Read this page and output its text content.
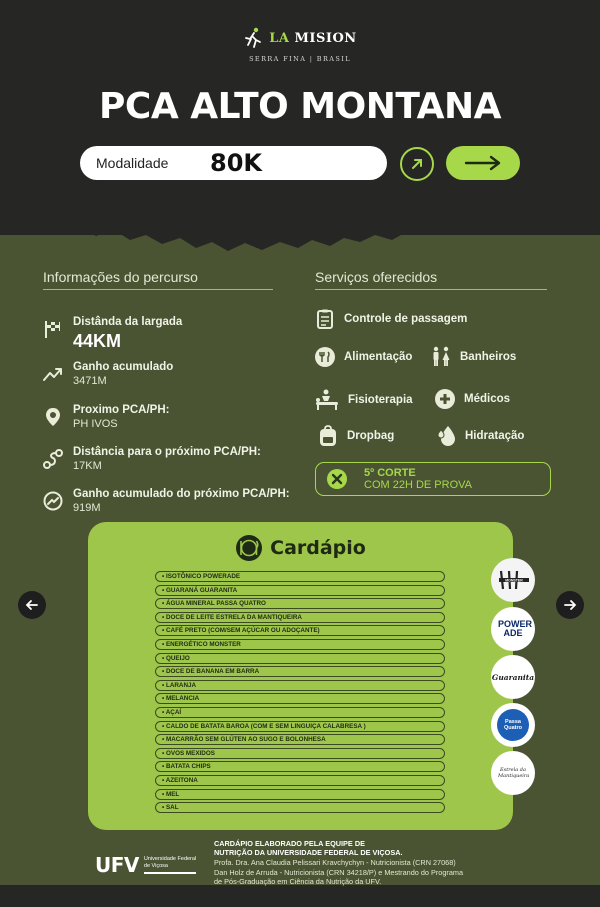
LA MISION
SERRA FINA | BRASIL
PCA ALTO MONTANA
Modalidade	80K
Informações do percurso
Distânda da largada
44KM
Ganho acumulado
3471M
Proximo PCA/PH:
PH IVOS
Distância para o próximo PCA/PH:
17KM
Ganho acumulado do próximo PCA/PH:
919M
Serviços oferecidos
Controle de passagem
Alimentação	Banheiros
Fisioterapia	Médicos
Dropbag	Hidratação
5º CORTE
COM 22H DE PROVA
Cardápio
• ISOTÔNICO POWERADE
• GUARANÁ GUARANITA
• ÁGUA MINERAL PASSA QUATRO
• DOCE DE LEITE ESTRELA DA MANTIQUEIRA
• CAFÉ PRETO (COM/SEM AÇÚCAR OU ADOÇANTE)
• ENERGÉTICO MONSTER
• QUEIJO
• DOCE DE BANANA EM BARRA
• LARANJA
• MELANCIA
• AÇAÍ
• CALDO DE BATATA BAROA (COM E SEM LINGUIÇA CALABRESA )
• MACARRÃO SEM GLÚTEN AO SUGO E BOLONHESA
• OVOS MEXIDOS
• BATATA CHIPS
• AZEITONA
• MEL
• SAL
MONSTER
POWER ADE
Guaranita
Passa Quatro
Estrela da Mantiqueira
UFV Universidade Federal
de Viçosa
CARDÁPIO ELABORADO PELA EQUIPE DE
NUTRIÇÃO DA UNIVERSIDADE FEDERAL DE VIÇOSA.
Profa. Dra. Ana Claudia Pelissari Kravchychyn - Nutricionista (CRN 27068)
Dan Holz de Arruda - Nutricionista (CRN 34218/P) e Mestrando do Programa
de Pós-Graduação em Ciência da Nutrição da UFV.
